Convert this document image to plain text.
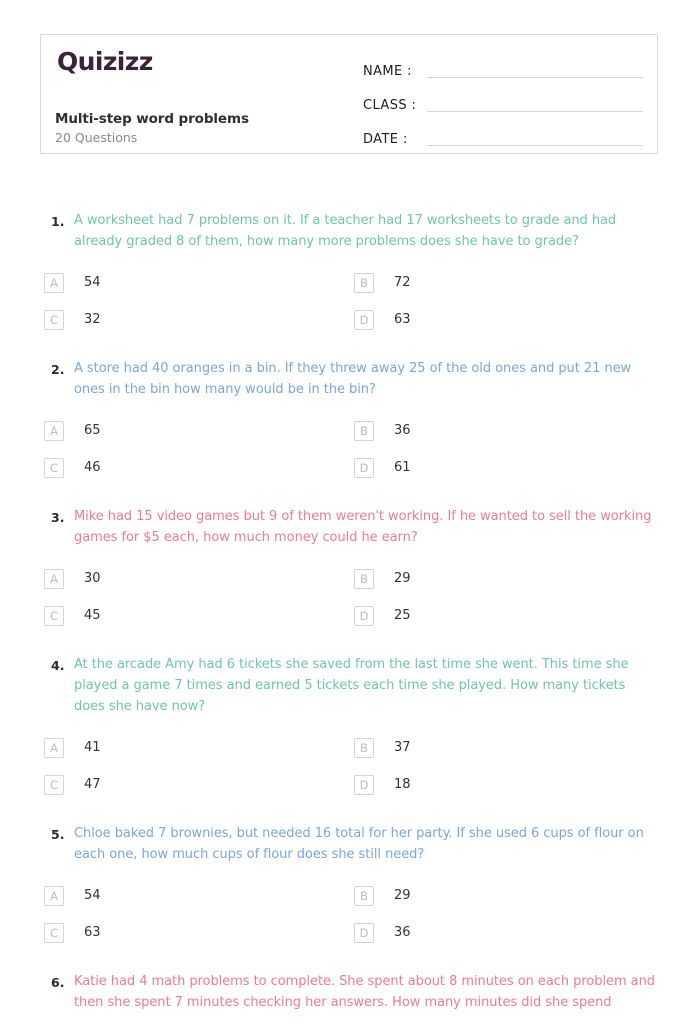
Quizizz
Multi-step word problems
20 Questions
NAME :
CLASS :
DATE :
1. A worksheet had 7 problems on it. If a teacher had 17 worksheets to grade and had already graded 8 of them, how many more problems does she have to grade?
A	54	B	72
C	32	D	63
2. A store had 40 oranges in a bin. If they threw away 25 of the old ones and put 21 new ones in the bin how many would be in the bin?
A	65	B	36
C	46	D	61
3. Mike had 15 video games but 9 of them weren't working. If he wanted to sell the working games for $5 each, how much money could he earn?
A	30	B	29
C	45	D	25
4. At the arcade Amy had 6 tickets she saved from the last time she went. This time she played a game 7 times and earned 5 tickets each time she played. How many tickets does she have now?
A	41	B	37
C	47	D	18
5. Chloe baked 7 brownies, but needed 16 total for her party. If she used 6 cups of flour on each one, how much cups of flour does she still need?
A	54	B	29
C	63	D	36
6. Katie had 4 math problems to complete. She spent about 8 minutes on each problem and then she spent 7 minutes checking her answers. How many minutes did she spend
